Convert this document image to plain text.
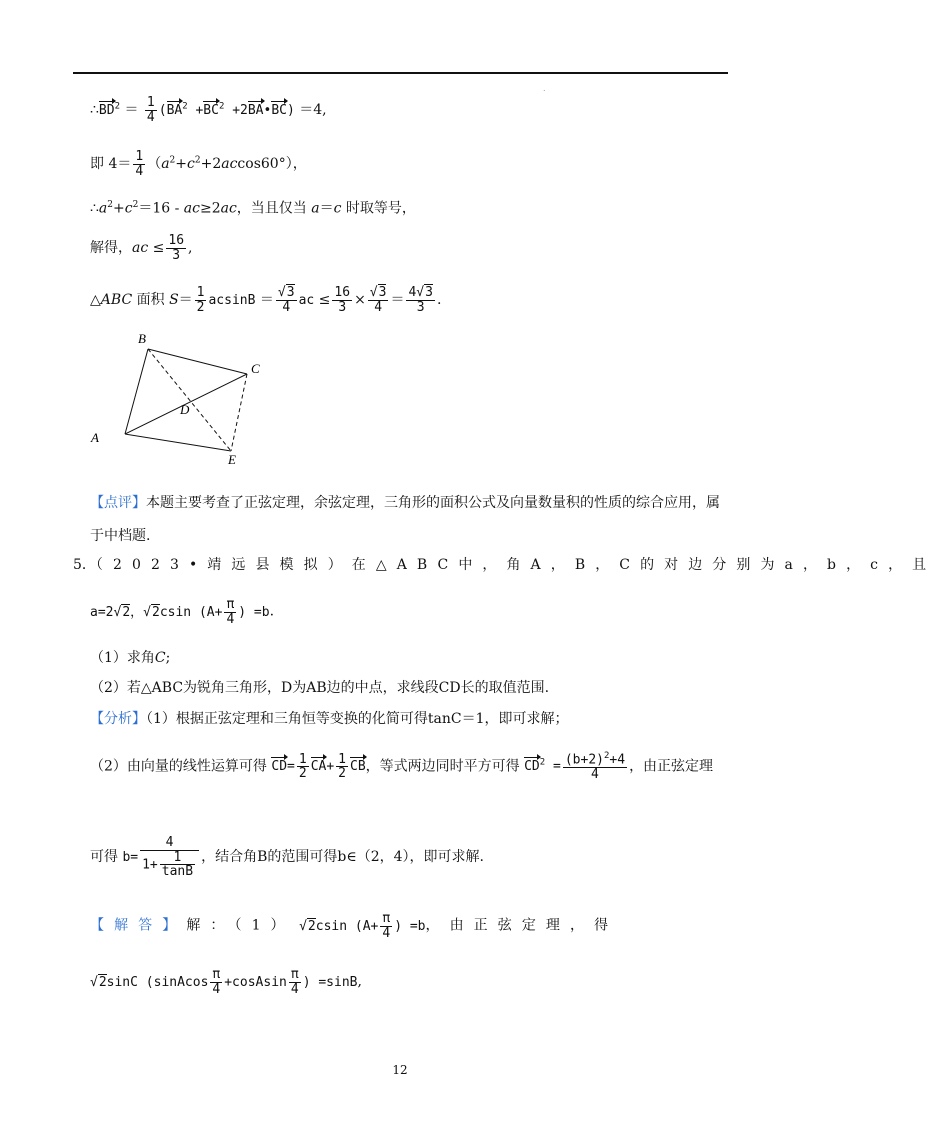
.
$\therefore BD^2 = \frac{1}{4} (BA^2 +BC^2$ +2BA•BC) ＝4,
即 $4= \frac{1}{4} (a^2+c^2+2accos60^\circ)$，
$\therefore a^2+c^2=16 - ac\ge 2ac$，当且仅当 a＝c 时取等号，
解得，ac ≤ $\frac{16}{3}$ ,
△ABC 面积 $S= \frac{1}{2}$ $acsinB = \frac{√3}{4}$ ac ≤ $\frac{16}{3} \times \frac{√3}{4} = \frac{4√3}{3}$ .
B
C
D
A
E
【点评】本题主要考查了正弦定理，余弦定理，三角形的面积公式及向量数量积的性质的综合应用，属
于中档题.
5．（2023•靖远县模拟）在△ABC中，角A，B，C的对边分别为a，b，c，且
a=2√2，√2csin ($A+ \frac{\pi}{4}$ ) =b.
（1）求角C;
（2）若△ABC为锐角三角形，D为AB边的中点，求线段CD长的取值范围.
【分析】（1）根据正弦定理和三角恒等变换的化简可得tanC＝1，即可求解；
（2）由向量的线性运算可得 $CD= \frac{1}{2} CA+ \frac{1}{2}$ CB，等式两边同时平方可得 $CD^2 = \frac{(b+2)^2+4}{4}$ ，由正弦定理
可得 $b= \frac{4}{1+ \frac{1}{\tan B}}$ ，结合角B的范围可得b∈（2，4），即可求解.
【解答】解：（1） √2csin ($A+ \frac{\pi}{4}$ ) =b，由正弦定理，得
√2sinC (sinAcos $\frac{\pi}{4}$ +cosAsin $\frac{\pi}{4}$ ) =sinB,
12
